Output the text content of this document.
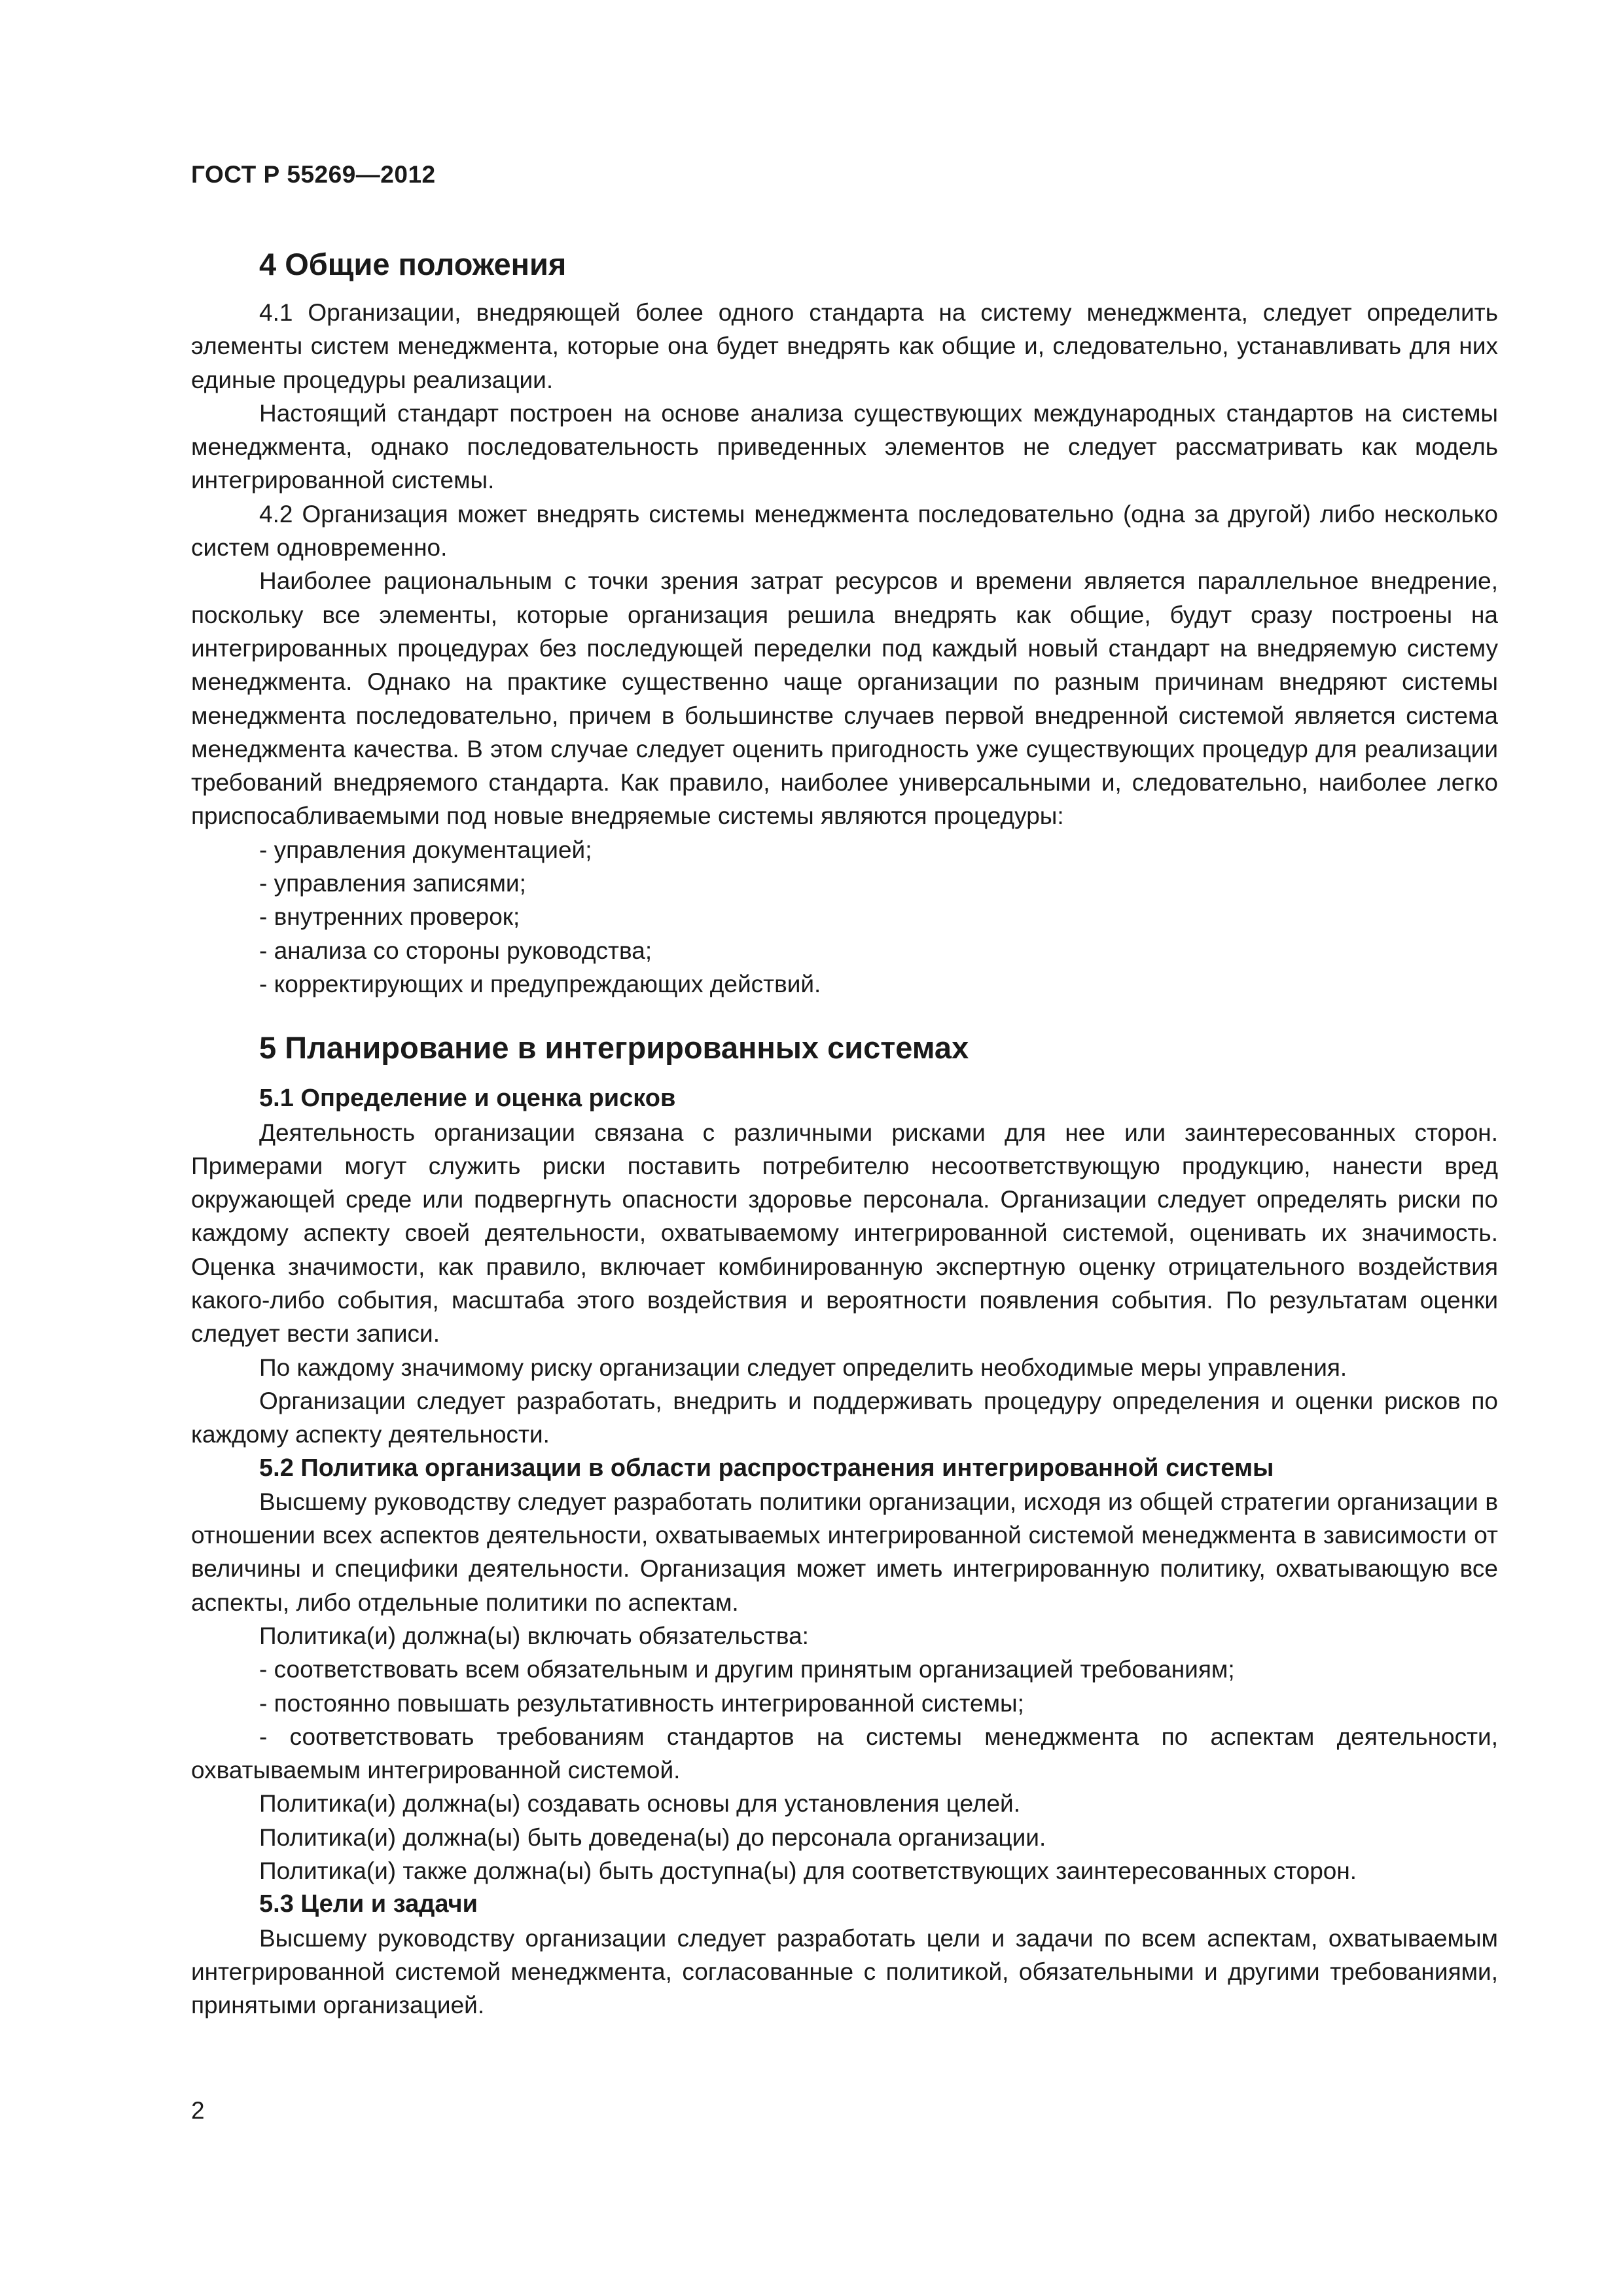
ГОСТ Р 55269—2012
4 Общие положения

4.1 Организации, внедряющей более одного стандарта на систему менеджмента, следует определить элементы систем менеджмента, которые она будет внедрять как общие и, следовательно, устанавливать для них единые процедуры реализации.

Настоящий стандарт построен на основе анализа существующих международных стандартов на системы менеджмента, однако последовательность приведенных элементов не следует рассматривать как модель интегрированной системы.

4.2 Организация может внедрять системы менеджмента последовательно (одна за другой) либо несколько систем одновременно.

Наиболее рациональным с точки зрения затрат ресурсов и времени является параллельное внедрение, поскольку все элементы, которые организация решила внедрять как общие, будут сразу построены на интегрированных процедурах без последующей переделки под каждый новый стандарт на внедряемую систему менеджмента. Однако на практике существенно чаще организации по разным причинам внедряют системы менеджмента последовательно, причем в большинстве случаев первой внедренной системой является система менеджмента качества. В этом случае следует оценить пригодность уже существующих процедур для реализации требований внедряемого стандарта. Как правило, наиболее универсальными и, следовательно, наиболее легко приспосабливаемыми под новые внедряемые системы являются процедуры:

- управления документацией;
- управления записями;
- внутренних проверок;
- анализа со стороны руководства;
- корректирующих и предупреждающих действий.
5 Планирование в интегрированных системах
5.1 Определение и оценка рисков

Деятельность организации связана с различными рисками для нее или заинтересованных сторон. Примерами могут служить риски поставить потребителю несоответствующую продукцию, нанести вред окружающей среде или подвергнуть опасности здоровье персонала. Организации следует определять риски по каждому аспекту своей деятельности, охватываемому интегрированной системой, оценивать их значимость. Оценка значимости, как правило, включает комбинированную экспертную оценку отрицательного воздействия какого-либо события, масштаба этого воздействия и вероятности появления события. По результатам оценки следует вести записи.

По каждому значимому риску организации следует определить необходимые меры управления.

Организации следует разработать, внедрить и поддерживать процедуру определения и оценки рисков по каждому аспекту деятельности.

5.2 Политика организации в области распространения интегрированной системы

Высшему руководству следует разработать политики организации, исходя из общей стратегии организации в отношении всех аспектов деятельности, охватываемых интегрированной системой менеджмента в зависимости от величины и специфики деятельности. Организация может иметь интегрированную политику, охватывающую все аспекты, либо отдельные политики по аспектам.

Политика(и) должна(ы) включать обязательства:

- соответствовать всем обязательным и другим принятым организацией требованиям;
- постоянно повышать результативность интегрированной системы;
- соответствовать требованиям стандартов на системы менеджмента по аспектам деятельности, охватываемым интегрированной системой.

Политика(и) должна(ы) создавать основы для установления целей.

Политика(и) должна(ы) быть доведена(ы) до персонала организации.

Политика(и) также должна(ы) быть доступна(ы) для соответствующих заинтересованных сторон.

5.3 Цели и задачи

Высшему руководству организации следует разработать цели и задачи по всем аспектам, охватываемым интегрированной системой менеджмента, согласованные с политикой, обязательными и другими требованиями, принятыми организацией.

2
